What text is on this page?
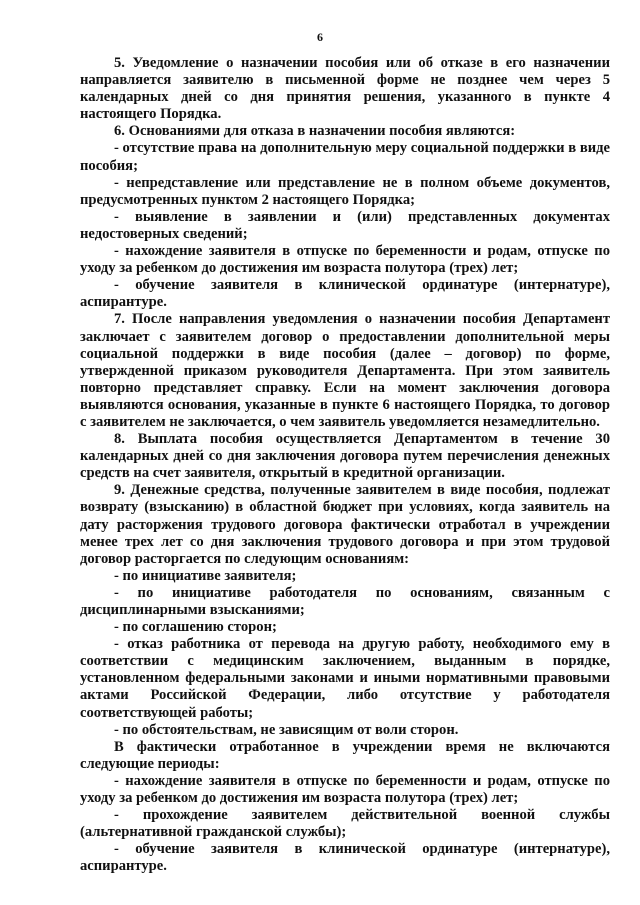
6

5. Уведомление о назначении пособия или об отказе в его назначении направляется заявителю в письменной форме не позднее чем через 5 календарных дней со дня принятия решения, указанного в пункте 4 настоящего Порядка.

6. Основаниями для отказа в назначении пособия являются:

- отсутствие права на дополнительную меру социальной поддержки в виде пособия;

- непредставление или представление не в полном объеме документов, предусмотренных пунктом 2 настоящего Порядка;

- выявление в заявлении и (или) представленных документах недостоверных сведений;

- нахождение заявителя в отпуске по беременности и родам, отпуске по уходу за ребенком до достижения им возраста полутора (трех) лет;

- обучение заявителя в клинической ординатуре (интернатуре), аспирантуре.

7. После направления уведомления о назначении пособия Департамент заключает с заявителем договор о предоставлении дополнительной меры социальной поддержки в виде пособия (далее – договор) по форме, утвержденной приказом руководителя Департамента. При этом заявитель повторно представляет справку. Если на момент заключения договора выявляются основания, указанные в пункте 6 настоящего Порядка, то договор с заявителем не заключается, о чем заявитель уведомляется незамедлительно.

8. Выплата пособия осуществляется Департаментом в течение 30 календарных дней со дня заключения договора путем перечисления денежных средств на счет заявителя, открытый в кредитной организации.

9. Денежные средства, полученные заявителем в виде пособия, подлежат возврату (взысканию) в областной бюджет при условиях, когда заявитель на дату расторжения трудового договора фактически отработал в учреждении менее трех лет со дня заключения трудового договора и при этом трудовой договор расторгается по следующим основаниям:

- по инициативе заявителя;

- по инициативе работодателя по основаниям, связанным с дисциплинарными взысканиями;

- по соглашению сторон;

- отказ работника от перевода на другую работу, необходимого ему в соответствии с медицинским заключением, выданным в порядке, установленном федеральными законами и иными нормативными правовыми актами Российской Федерации, либо отсутствие у работодателя соответствующей работы;

- по обстоятельствам, не зависящим от воли сторон.

В фактически отработанное в учреждении время не включаются следующие периоды:

- нахождение заявителя в отпуске по беременности и родам, отпуске по уходу за ребенком до достижения им возраста полутора (трех) лет;

- прохождение заявителем действительной военной службы (альтернативной гражданской службы);

- обучение заявителя в клинической ординатуре (интернатуре), аспирантуре.
